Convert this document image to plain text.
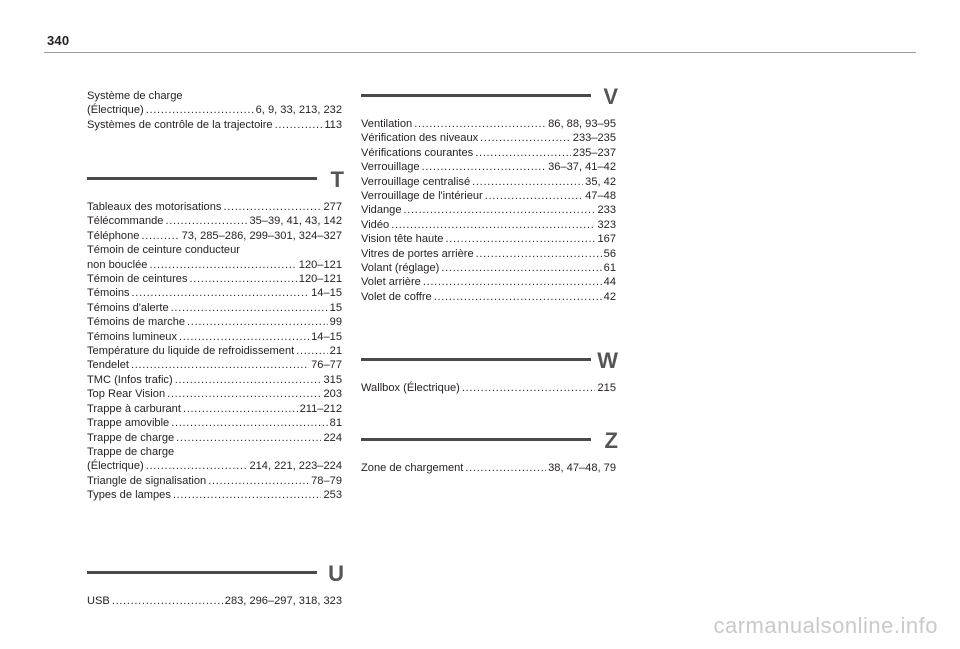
340
Système de charge
(Électrique) . . .	6, 9, 33, 213, 232
Systèmes de contrôle de la trajectoire . . .	113
T
Tableaux des motorisations . . .	277
Télécommande . . .	35–39, 41, 43, 142
Téléphone . . .	73, 285–286, 299–301, 324–327
Témoin de ceinture conducteur
non bouclée . . .	120–121
Témoin de ceintures . . .	120–121
Témoins . . .	14–15
Témoins d'alerte . . .	15
Témoins de marche . . .	99
Témoins lumineux . . .	14–15
Température du liquide de refroidissement . . .	21
Tendelet . . .	76–77
TMC (Infos trafic) . . .	315
Top Rear Vision . . .	203
Trappe à carburant . . .	211–212
Trappe amovible . . .	81
Trappe de charge . . .	224
Trappe de charge
(Électrique) . . .	214, 221, 223–224
Triangle de signalisation . . .	78–79
Types de lampes . . .	253
U
USB . . .	283, 296–297, 318, 323
V
Ventilation . . .	86, 88, 93–95
Vérification des niveaux . . .	233–235
Vérifications courantes . . .	235–237
Verrouillage . . .	36–37, 41–42
Verrouillage centralisé . . .	35, 42
Verrouillage de l'intérieur . . .	47–48
Vidange . . .	233
Vidéo . . .	323
Vision tête haute . . .	167
Vitres de portes arrière . . .	56
Volant (réglage) . . .	61
Volet arrière . . .	44
Volet de coffre . . .	42
W
Wallbox (Électrique) . . .	215
Z
Zone de chargement . . .	38, 47–48, 79
carmanualsonline.info
